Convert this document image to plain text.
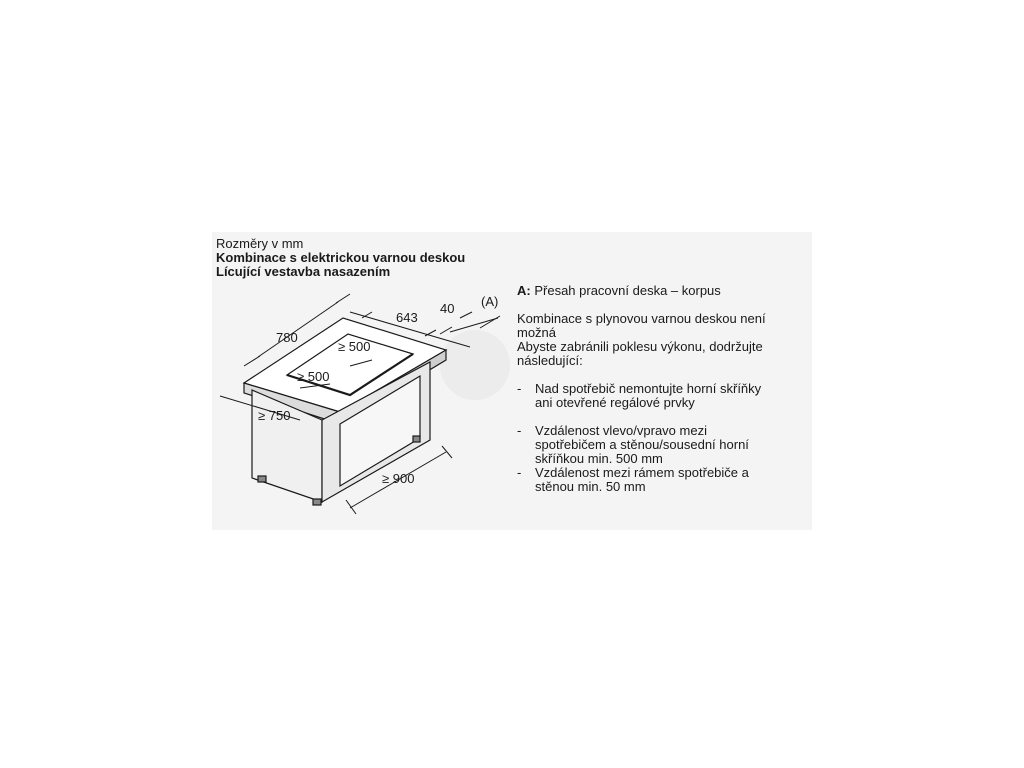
Rozměry v mm
Kombinace s elektrickou varnou deskou
Lícující vestavba nasazením
780
643
40 (A)
≥ 500
≥ 500
≥ 750
≥ 900

A: Přesah pracovní deska – korpus

Kombinace s plynovou varnou deskou není

možná

Abyste zabránili poklesu výkonu, dodržujte

následující:

-	Nad spotřebič nemontujte horní skříňky
ani otevřené regálové prvky
-	Vzdálenost vlevo/vpravo mezi
spotřebičem a stěnou/sousední horní
skříňkou min. 500 mm
-	Vzdálenost mezi rámem spotřebiče a
stěnou min. 50 mm
